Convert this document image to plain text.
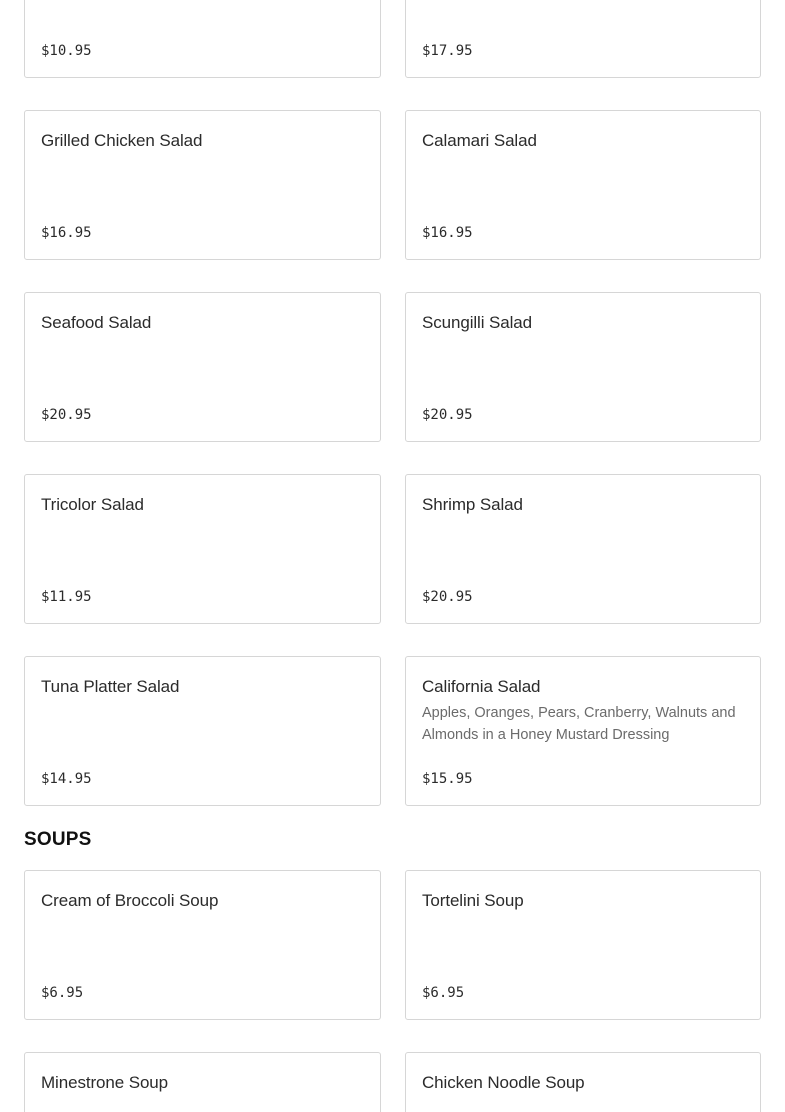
$10.95	$17.95
Grilled Chicken Salad
$16.95
Calamari Salad
$16.95
Seafood Salad
$20.95
Scungilli Salad
$20.95
Tricolor Salad
$11.95
Shrimp Salad
$20.95
Tuna Platter Salad
$14.95
California Salad
Apples, Oranges, Pears, Cranberry, Walnuts and Almonds in a Honey Mustard Dressing
$15.95
SOUPS
Cream of Broccoli Soup
$6.95
Tortelini Soup
$6.95
Minestrone Soup	Chicken Noodle Soup
